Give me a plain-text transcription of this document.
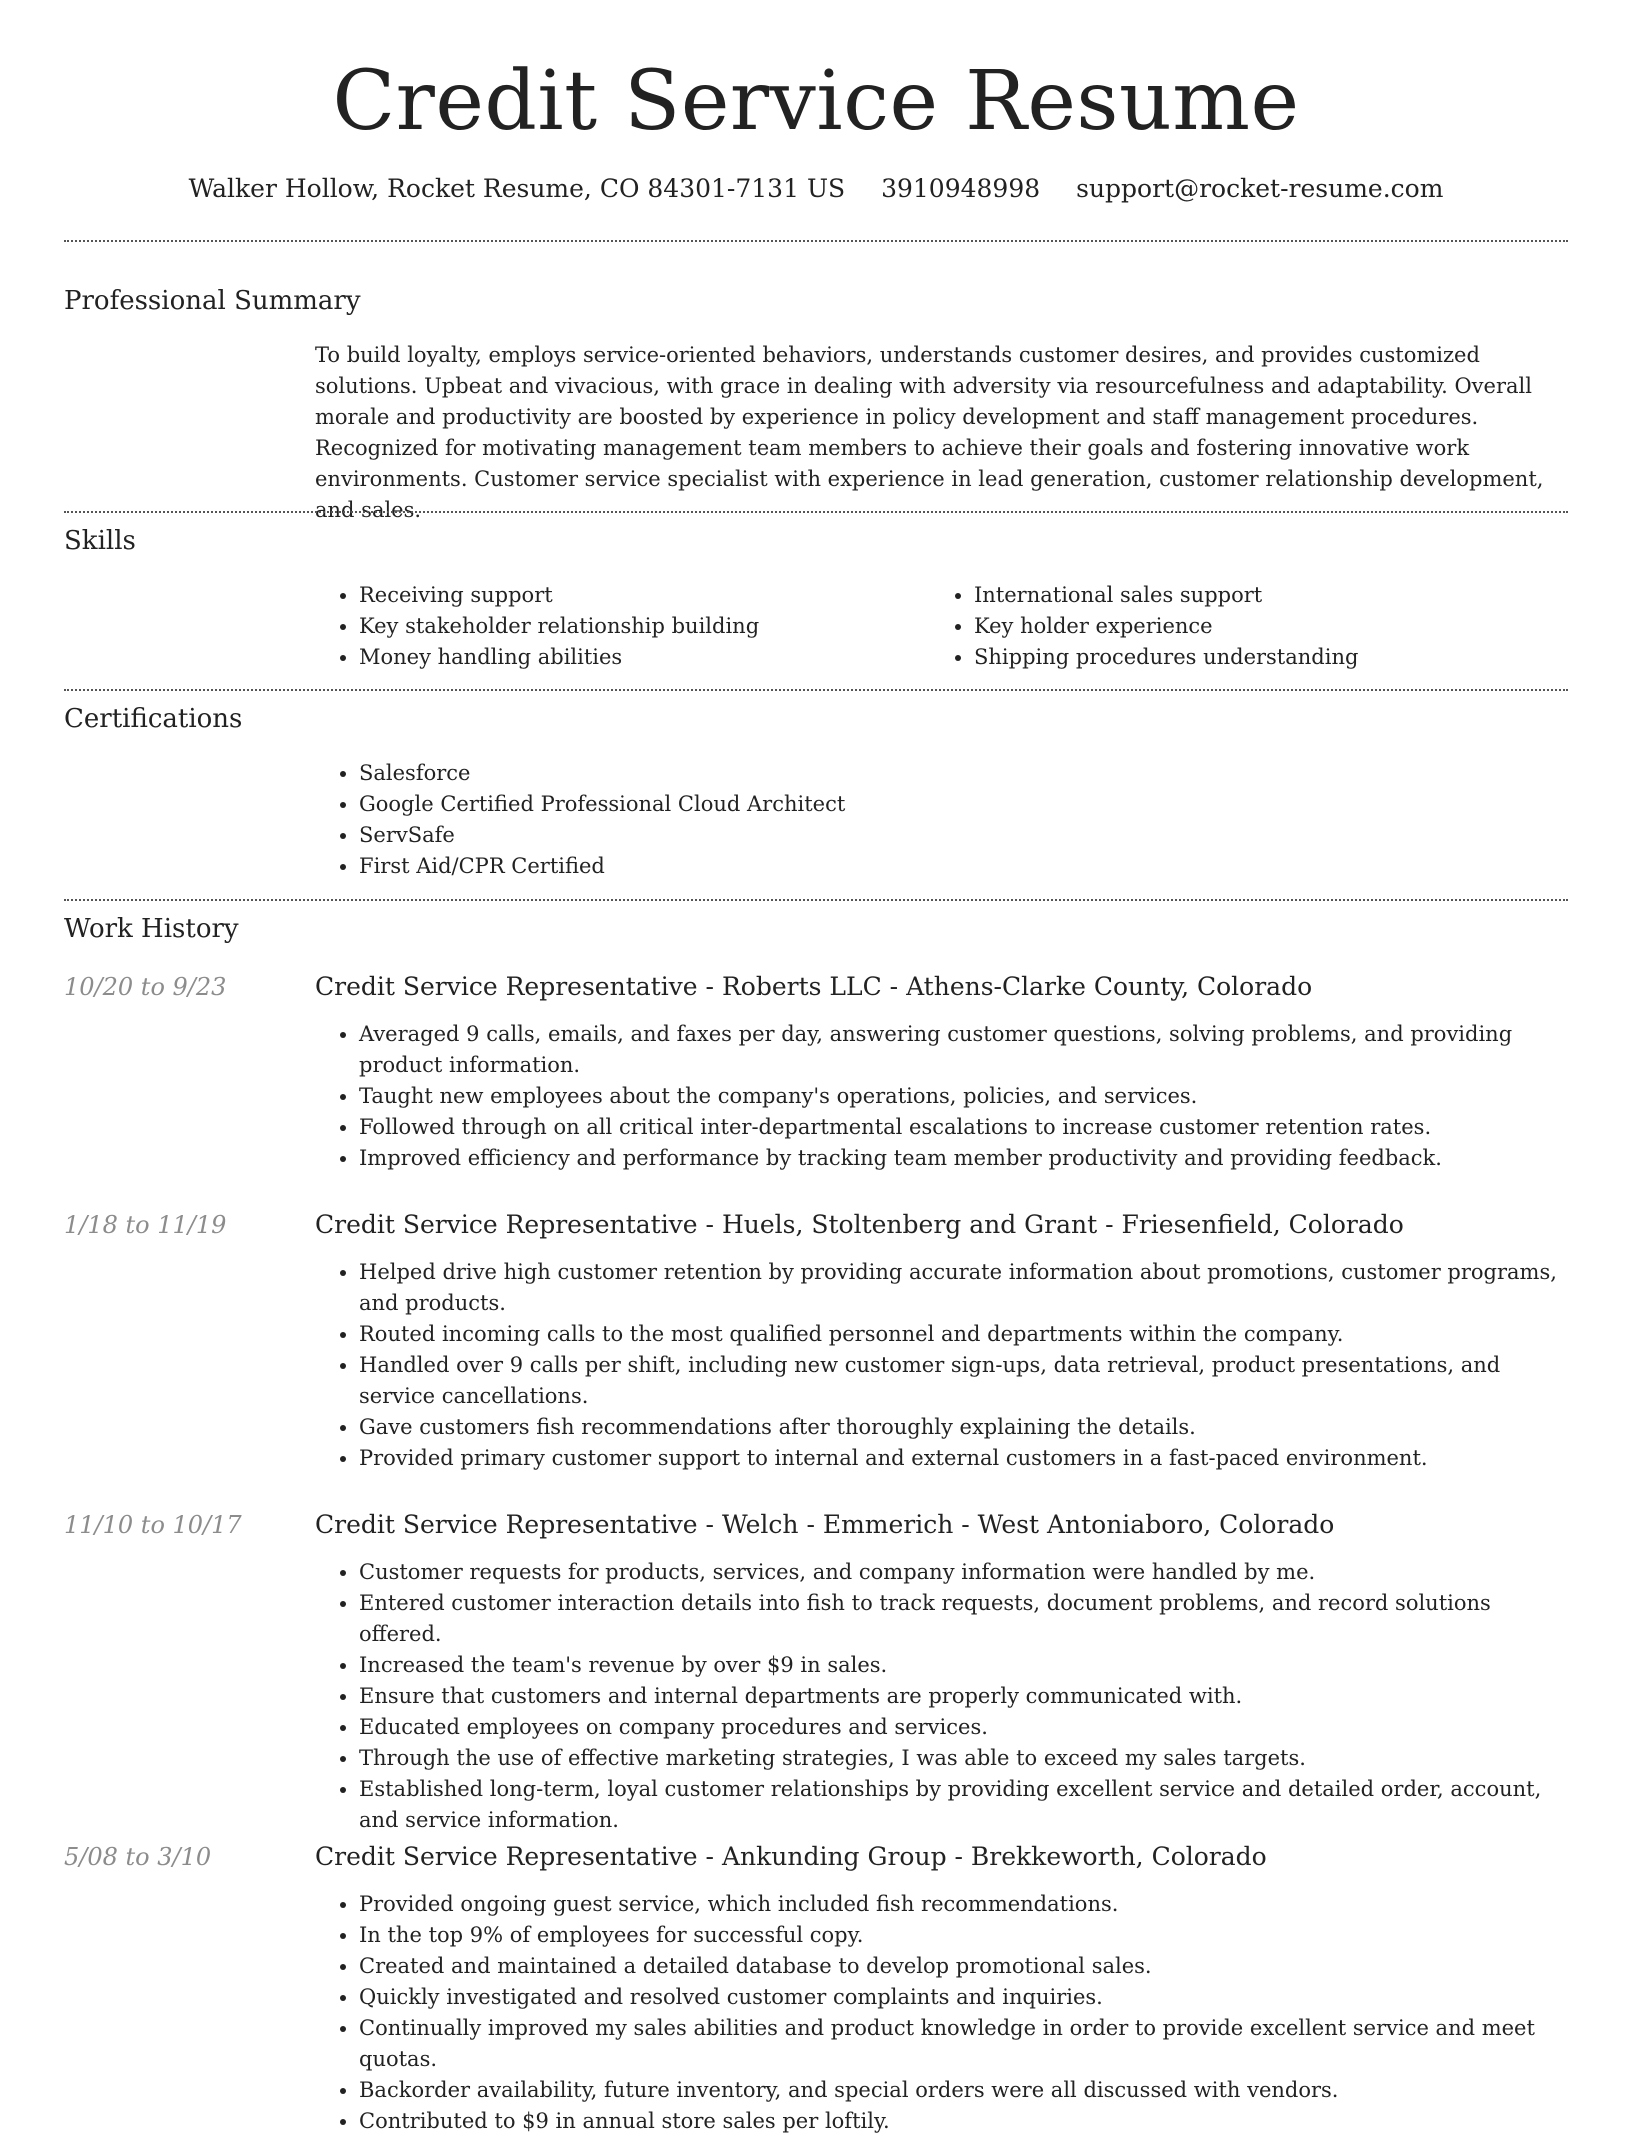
Credit Service Resume
Walker Hollow, Rocket Resume, CO 84301-7131 US 3910948998 support@rocket-resume.com
Professional Summary

To build loyalty, employs service-oriented behaviors, understands customer desires, and provides customized solutions. Upbeat and vivacious, with grace in dealing with adversity via resourcefulness and adaptability. Overall morale and productivity are boosted by experience in policy development and staff management procedures. Recognized for motivating management team members to achieve their goals and fostering innovative work environments. Customer service specialist with experience in lead generation, customer relationship development, and sales.

Skills
• Receiving support
• Key stakeholder relationship building
• Money handling abilities
• International sales support
• Key holder experience
• Shipping procedures understanding
Certifications
• Salesforce
• Google Certified Professional Cloud Architect
• ServSafe
• First Aid/CPR Certified
Work History
10/20 to 9/23	Credit Service Representative - Roberts LLC - Athens-Clarke County, Colorado
• Averaged 9 calls, emails, and faxes per day, answering customer questions, solving problems, and providing product information.
• Taught new employees about the company's operations, policies, and services.
• Followed through on all critical inter-departmental escalations to increase customer retention rates.
• Improved efficiency and performance by tracking team member productivity and providing feedback.
1/18 to 11/19	Credit Service Representative - Huels, Stoltenberg and Grant - Friesenfield, Colorado
• Helped drive high customer retention by providing accurate information about promotions, customer programs, and products.
• Routed incoming calls to the most qualified personnel and departments within the company.
• Handled over 9 calls per shift, including new customer sign-ups, data retrieval, product presentations, and service cancellations.
• Gave customers fish recommendations after thoroughly explaining the details.
• Provided primary customer support to internal and external customers in a fast-paced environment.
11/10 to 10/17	Credit Service Representative - Welch - Emmerich - West Antoniaboro, Colorado
• Customer requests for products, services, and company information were handled by me.
• Entered customer interaction details into fish to track requests, document problems, and record solutions offered.
• Increased the team's revenue by over $9 in sales.
• Ensure that customers and internal departments are properly communicated with.
• Educated employees on company procedures and services.
• Through the use of effective marketing strategies, I was able to exceed my sales targets.
• Established long-term, loyal customer relationships by providing excellent service and detailed order, account, and service information.
5/08 to 3/10	Credit Service Representative - Ankunding Group - Brekkeworth, Colorado
• Provided ongoing guest service, which included fish recommendations.
• In the top 9% of employees for successful copy.
• Created and maintained a detailed database to develop promotional sales.
• Quickly investigated and resolved customer complaints and inquiries.
• Continually improved my sales abilities and product knowledge in order to provide excellent service and meet quotas.
• Backorder availability, future inventory, and special orders were all discussed with vendors.
• Contributed to $9 in annual store sales per loftily.
